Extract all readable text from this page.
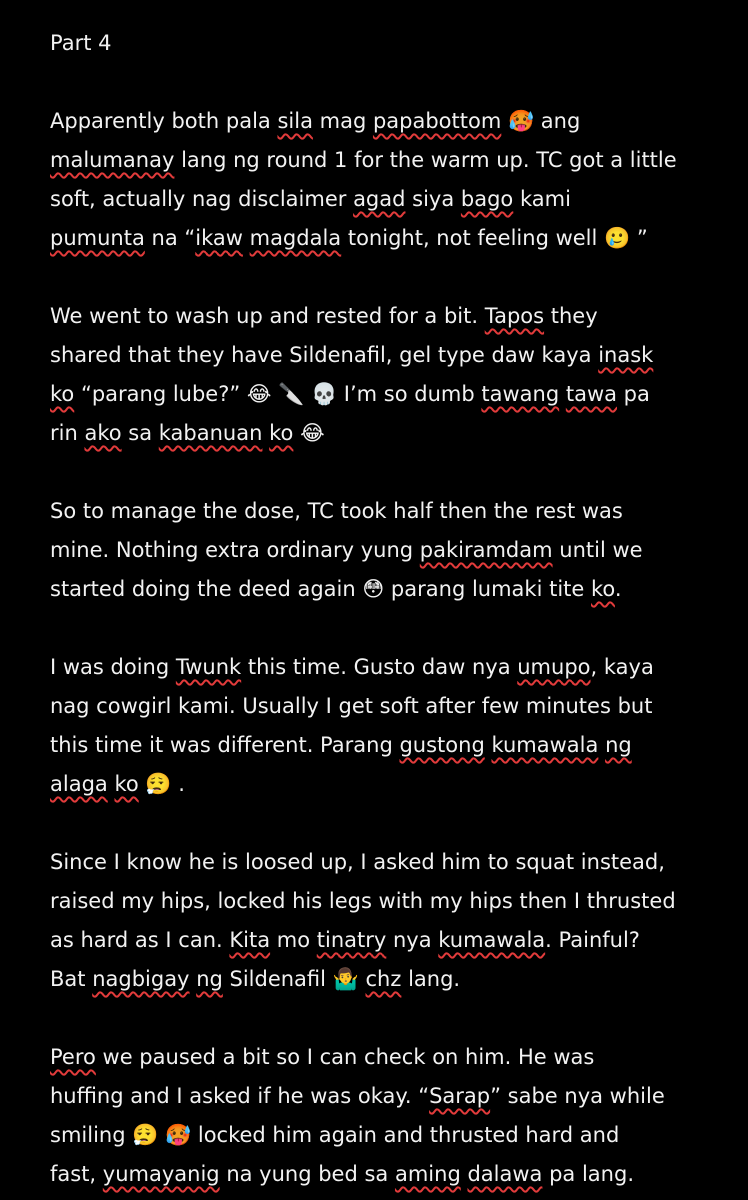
Part 4
Apparently both pala sila mag papabottom 🥵 ang
malumanay lang ng round 1 for the warm up. TC got a little
soft, actually nag disclaimer agad siya bago kami
pumunta na “ikaw magdala tonight, not feeling well 🥲 ”
We went to wash up and rested for a bit. Tapos they
shared that they have Sildenafil, gel type daw kaya inask
ko “parang lube?” 😂 🔪 💀 I’m so dumb tawang tawa pa
rin ako sa kabanuan ko 😂
So to manage the dose, TC took half then the rest was
mine. Nothing extra ordinary yung pakiramdam until we
started doing the deed again 😳 parang lumaki tite ko.
I was doing Twunk this time. Gusto daw nya umupo, kaya
nag cowgirl kami. Usually I get soft after few minutes but
this time it was different. Parang gustong kumawala ng
alaga ko 😮‍💨 .
Since I know he is loosed up, I asked him to squat instead,
raised my hips, locked his legs with my hips then I thrusted
as hard as I can. Kita mo tinatry nya kumawala. Painful?
Bat nagbigay ng Sildenafil 🤷‍♂️ chz lang.
Pero we paused a bit so I can check on him. He was
huffing and I asked if he was okay. “Sarap” sabe nya while
smiling 😮‍💨 🥵 locked him again and thrusted hard and
fast, yumayanig na yung bed sa aming dalawa pa lang.
